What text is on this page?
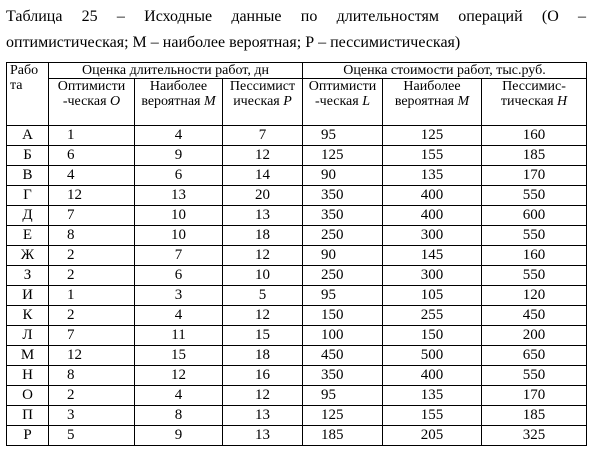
Таблица 25 – Исходные данные по длительностям операций (О –
оптимистическая; М – наиболее вероятная; Р – пессимистическая)
Рабо та	Оценка длительности работ, дн			Оценка стоимости работ, тыс.руб.		
	Оптимисти -ческая O	Наиболее вероятная M	Пессимист ическая P	Оптимисти -ческая L	Наиболее вероятная M	Пессимис- тическая H
А	1	4	7	95	125	160
Б	6	9	12	125	155	185
В	4	6	14	90	135	170
Г	12	13	20	350	400	550
Д	7	10	13	350	400	600
Е	8	10	18	250	300	550
Ж	2	7	12	90	145	160
З	2	6	10	250	300	550
И	1	3	5	95	105	120
К	2	4	12	150	255	450
Л	7	11	15	100	150	200
М	12	15	18	450	500	650
Н	8	12	16	350	400	550
О	2	4	12	95	135	170
П	3	8	13	125	155	185
Р	5	9	13	185	205	325
